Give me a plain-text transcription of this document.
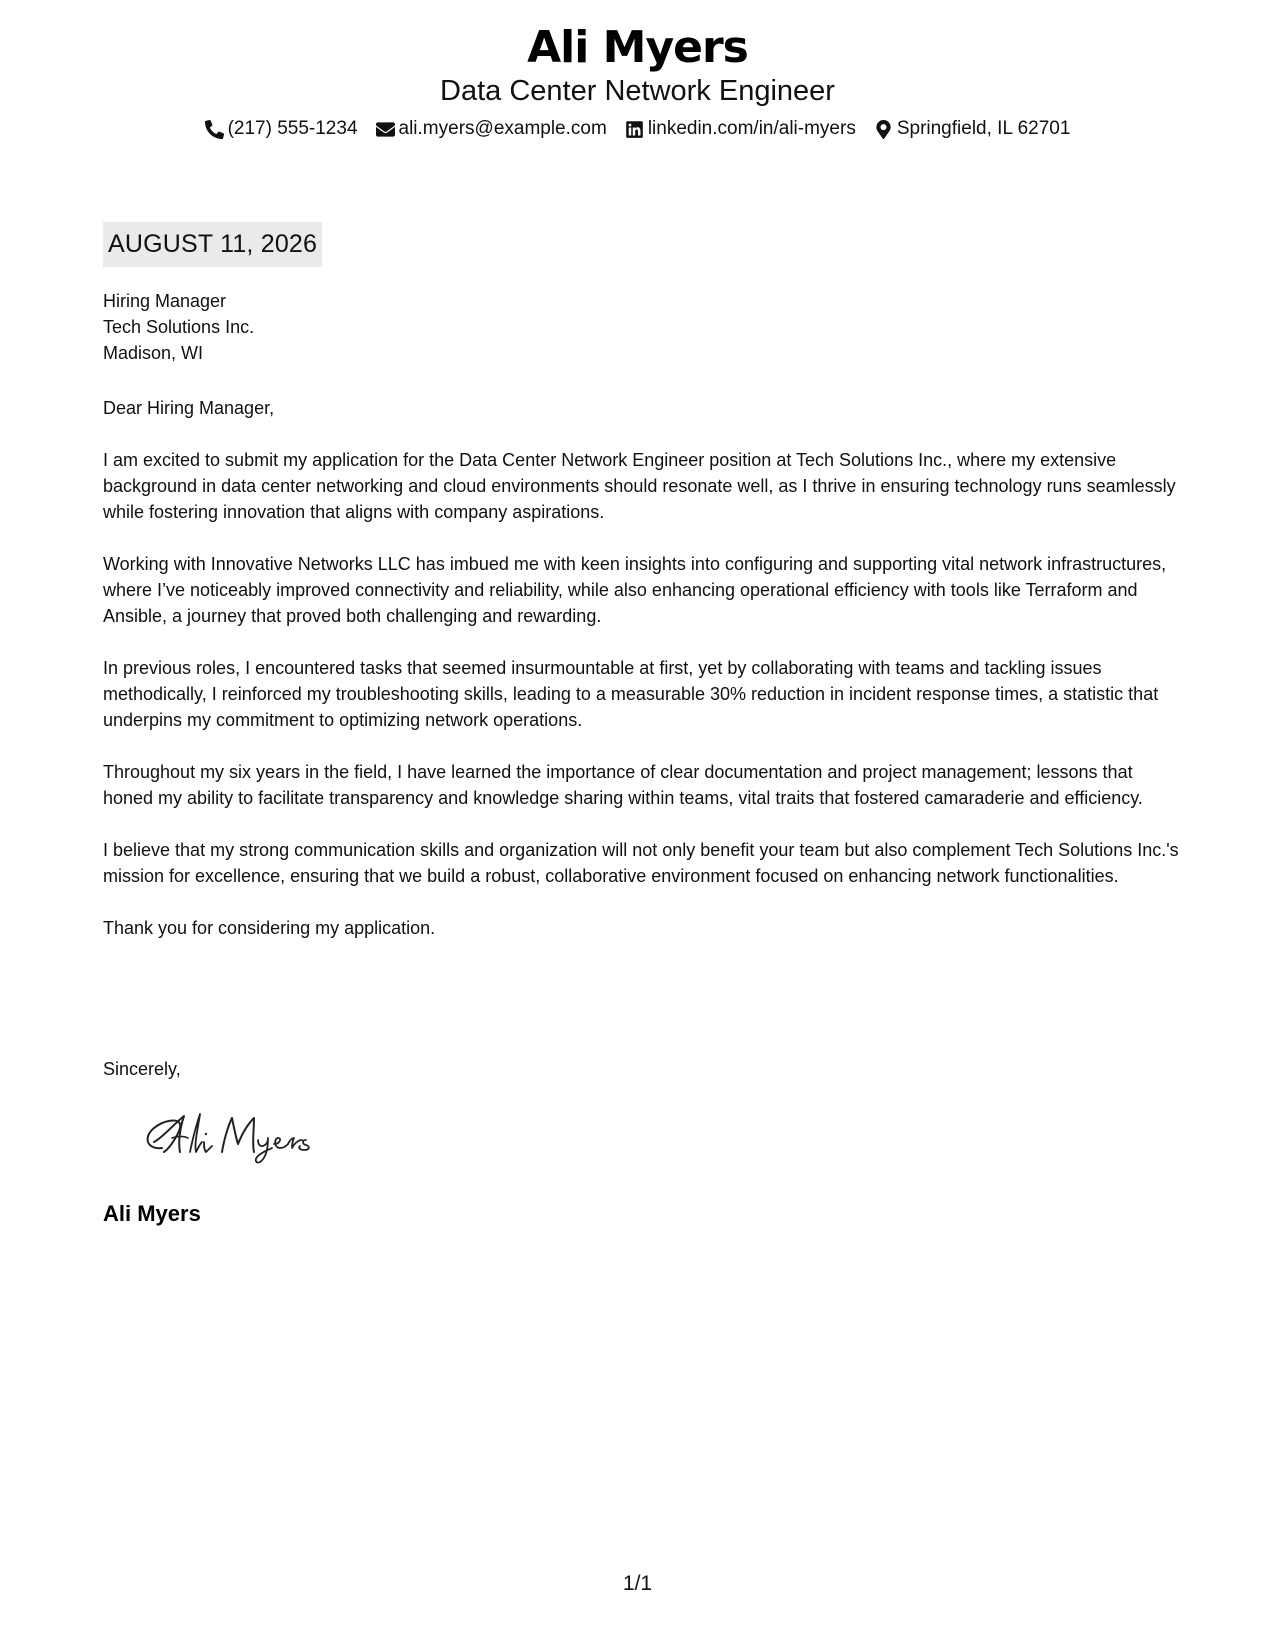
Ali Myers
Data Center Network Engineer
(217) 555-1234 ali.myers@example.com linkedin.com/in/ali-myers Springfield, IL 62701
AUGUST 11, 2026
Hiring Manager
Tech Solutions Inc.
Madison, WI

Dear Hiring Manager,

I am excited to submit my application for the Data Center Network Engineer position at Tech Solutions Inc., where my extensive background in data center networking and cloud environments should resonate well, as I thrive in ensuring technology runs seamlessly while fostering innovation that aligns with company aspirations.

Working with Innovative Networks LLC has imbued me with keen insights into configuring and supporting vital network infrastructures, where I’ve noticeably improved connectivity and reliability, while also enhancing operational efficiency with tools like Terraform and Ansible, a journey that proved both challenging and rewarding.

In previous roles, I encountered tasks that seemed insurmountable at first, yet by collaborating with teams and tackling issues methodically, I reinforced my troubleshooting skills, leading to a measurable 30% reduction in incident response times, a statistic that underpins my commitment to optimizing network operations.

Throughout my six years in the field, I have learned the importance of clear documentation and project management; lessons that honed my ability to facilitate transparency and knowledge sharing within teams, vital traits that fostered camaraderie and efficiency.

I believe that my strong communication skills and organization will not only benefit your team but also complement Tech Solutions Inc.'s mission for excellence, ensuring that we build a robust, collaborative environment focused on enhancing network functionalities.

Thank you for considering my application.

Sincerely,
Ali Myers
1/1
